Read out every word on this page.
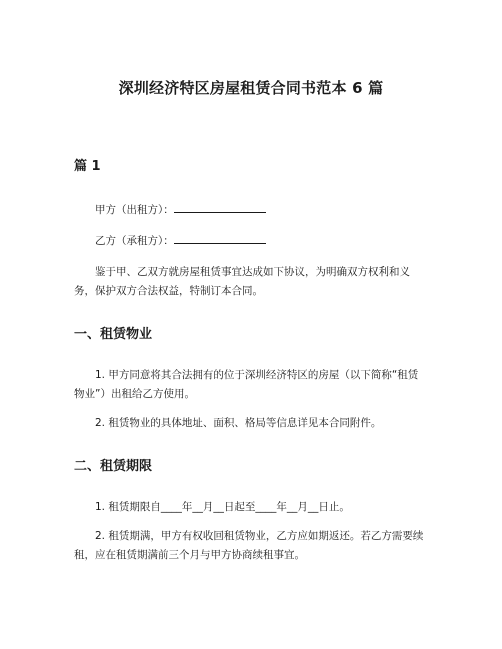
深圳经济特区房屋租赁合同书范本 6 篇
篇 1

甲方（出租方）：

乙方（承租方）：

鉴于甲、乙双方就房屋租赁事宜达成如下协议，为明确双方权利和义务，保护双方合法权益，特制订本合同。

一、租赁物业

1. 甲方同意将其合法拥有的位于深圳经济特区的房屋（以下简称“租赁物业”）出租给乙方使用。

2. 租赁物业的具体地址、面积、格局等信息详见本合同附件。

二、租赁期限

1. 租赁期限自____年__月__日起至____年__月__日止。

2. 租赁期满，甲方有权收回租赁物业，乙方应如期返还。若乙方需要续租，应在租赁期满前三个月与甲方协商续租事宜。
